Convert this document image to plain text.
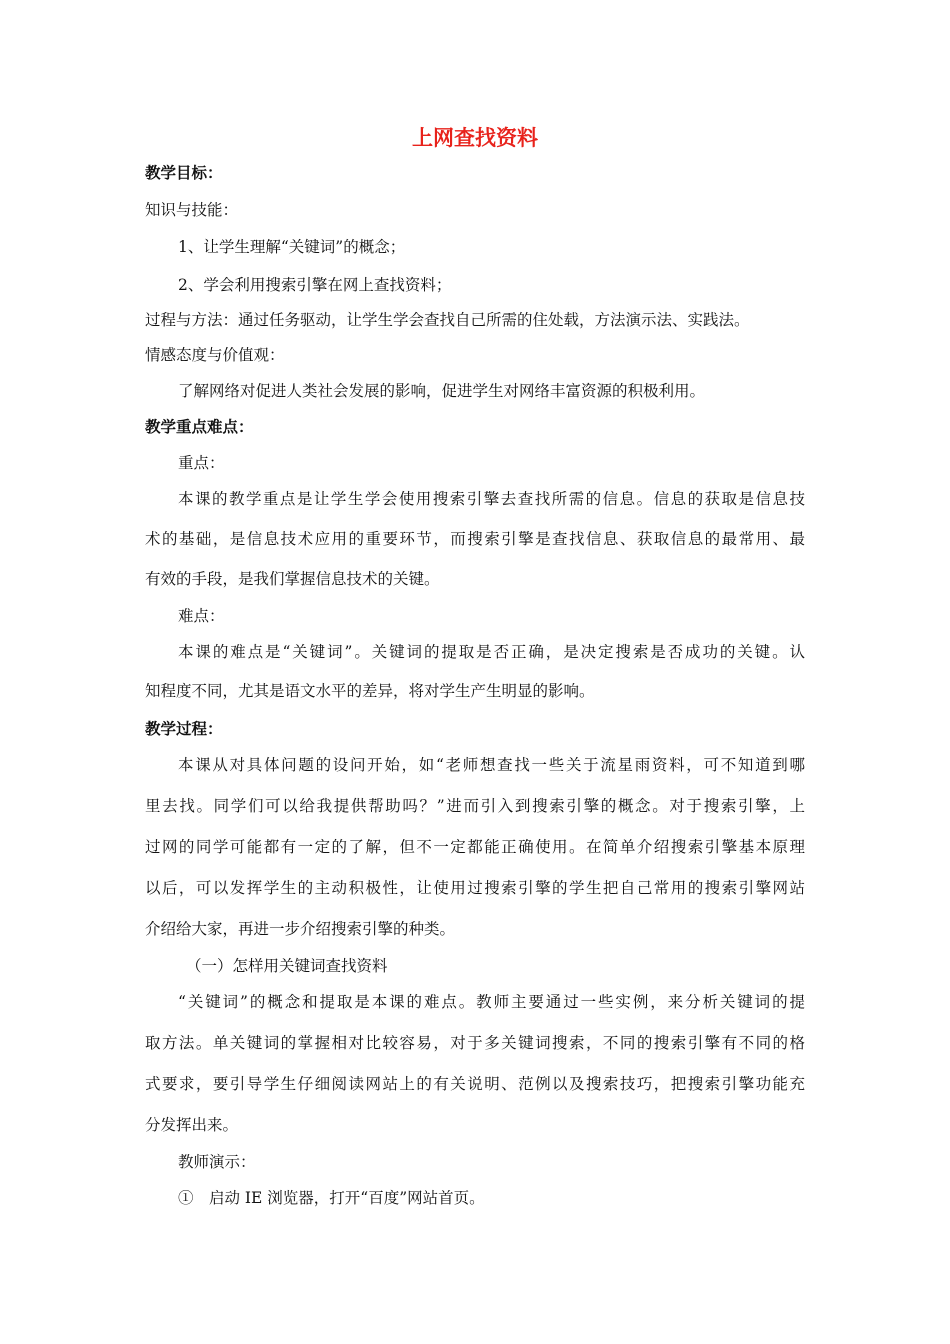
上网查找资料
教学目标：
知识与技能：
1、让学生理解“关键词”的概念；
2、学会利用搜索引擎在网上查找资料；
过程与方法：通过任务驱动，让学生学会查找自己所需的住处载，方法演示法、实践法。
情感态度与价值观：
了解网络对促进人类社会发展的影响，促进学生对网络丰富资源的积极利用。
教学重点难点：
重点：
本课的教学重点是让学生学会使用搜索引擎去查找所需的信息。信息的获取是信息技
术的基础，是信息技术应用的重要环节，而搜索引擎是查找信息、获取信息的最常用、最
有效的手段，是我们掌握信息技术的关键。
难点：
本课的难点是“关键词”。关键词的提取是否正确，是决定搜索是否成功的关键。认
知程度不同，尤其是语文水平的差异，将对学生产生明显的影响。
教学过程：
本课从对具体问题的设问开始，如“老师想查找一些关于流星雨资料，可不知道到哪
里去找。同学们可以给我提供帮助吗？”进而引入到搜索引擎的概念。对于搜索引擎，上
过网的同学可能都有一定的了解，但不一定都能正确使用。在简单介绍搜索引擎基本原理
以后，可以发挥学生的主动积极性，让使用过搜索引擎的学生把自己常用的搜索引擎网站
介绍给大家，再进一步介绍搜索引擎的种类。
（一）怎样用关键词查找资料
“关键词”的概念和提取是本课的难点。教师主要通过一些实例，来分析关键词的提
取方法。单关键词的掌握相对比较容易，对于多关键词搜索，不同的搜索引擎有不同的格
式要求，要引导学生仔细阅读网站上的有关说明、范例以及搜索技巧，把搜索引擎功能充
分发挥出来。
教师演示：
①　启动 IE 浏览器，打开“百度”网站首页。
